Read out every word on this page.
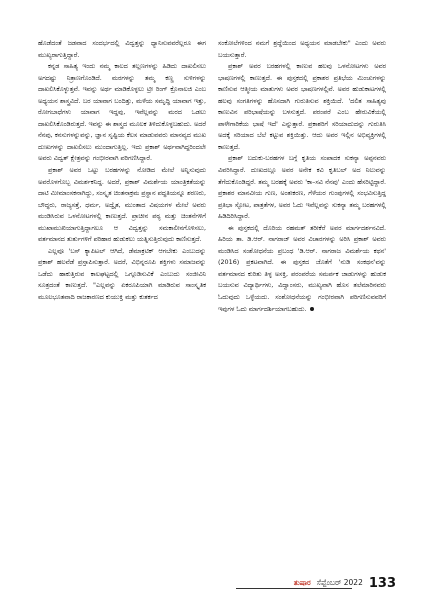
ಹೊಡೆದಂತೆ ಜಡವಾದ ಸಂದರ್ಭದಲ್ಲಿ ವಿದ್ವತ್ತನ್ನು ಧ್ಯಾನಿಸುವವರೆಲ್ಲರೂ ಈಗ ಮುಖ್ಯರಾಗುತ್ತಿದ್ದಾರೆ.

ಕನ್ನಡ ಸಾಹಿತ್ಯ ಇಂದು ನಮ್ಮ ಕಾಲದ ತಲ್ಲಣಗಳನ್ನು ಹಿಡಿದು ದಾಖಲಿಸಲು ಅಗದಷ್ಟು ನಿತ್ರಾಣಗೊಂಡಿದೆ. ಮರಗಳನ್ನು ತಮ್ಮ ಕಣ್ಣ ಸುಳಿಗಳನ್ನು ದಾಖಲಿಸಿಕೊಳ್ಳುತ್ತವೆ. ಇವನ್ನು ಅರ್ಥ ಮಾಡಿಕೊಳ್ಳಲು ಟ್ರೀ ರಿಂಗ್ ಕ್ರೊನಾಲಜಿ ಎಂಬ ಅಧ್ಯಯನ ಶಾಸ್ತ್ರವಿದೆ. ಬರ ಯಾವಾಗ ಬಂದಿತ್ತು, ಮಳೆಯ ಸಮೃದ್ಧಿ ಯಾವಾಗ ಇತ್ತು, ರೋಗಬಾಧೆಗಳು ಯಾವಾಗ ಇದ್ದವು, ಇವೆಲ್ಲವನ್ನು ಮರದ ಒಡಲು ದಾಖಲಿಸಿಕೊಂಡಿರುತ್ತದೆ. ಇವನ್ನು ಈ ಶಾಸ್ತ್ರದ ಮೂಲಕ ತಿಳಿದುಕೊಳ್ಳಬಹುದು. ಅದರೆ ನೆನಪು, ಕನಸುಗಳನ್ನುವನ್ನು, ಜ್ಞಾನ ಸೃಷ್ಟಿಯ ಕೆಲಸ ಮಾಡುವವರು ಮಾನವ್ಯದ ಮುಖ ದುಃಖಗಳನ್ನು ದಾಖಲಿಸಲು ಮುಂದಾಗುತ್ತಿಲ್ಲ. ಇದು ಪ್ರಕಾಶ್ ಅರ್ಥವಾಗಿದ್ದರಿಂದಲೇ ಅವರು ವಿದ್ವತ್ ಕ್ಷೇತ್ರವನ್ನು ಗಂಭೀರವಾಗಿ ಪರಿಗಣಿಸಿದ್ದಾರೆ.

ಪ್ರಕಾಶ್ ಅವರ ಒಟ್ಟು ಬರಹಗಳನ್ನು ನೋಡಿದ ಮೇಲೆ ಅನ್ನಿಸುವುದು ಅವರೊಳಗೊಬ್ಬ ವಿಮರ್ಶಕನಿದ್ದ. ಅದರೆ, ಪ್ರಕಾಶ್ ವಿಮರ್ಶೆಯ ಯಾಂತ್ರಿಕತೆಯನ್ನು ದಾಟಿ ಮೀಮಾಂಸಕನಾಗಿದ್ದು, ಸಂಸ್ಕೃತ ಚಿಂತನಾಕ್ರಮ ಪ್ರಸ್ಥಾನ ಪದ್ಧತಿಯನ್ನೂ ಶರಣರು, ಬೌದ್ಧರು, ರಾಜ್ಯಸತ್ತೆ, ಧರ್ಮ, ಅದ್ವೈತ, ಮುಂತಾದ ವಿಷಯಗಳ ಮೇಲೆ ಅವರು ಮಂಡಿಸಿರುವ ಒಳನೋಟಗಳಲ್ಲಿ ಕಾಣುತ್ತದೆ. ಪ್ರಾಚೀನ ಪಠ್ಯ ಮತ್ತು ಚಿಂತನೆಗಳಿಗೆ ಮುಖಾಮುಖಿಯಾಗುತ್ತಿದ್ದಾಗಲೂ ಆ ವಿದ್ವತ್ತನ್ನು ಸಮಕಾಲೀನಗೊಳಿಸಲು, ವರ್ತಮಾನದ ತುರ್ತುಗಳಿಗೆ ಪರಿಹಾರ ಹುಡುಕಲು ಯತ್ನಿಸುತ್ತಿರುವುದು ಕಾಣಿಸುತ್ತದೆ.

ಎಲ್ಲವೂ 'ಬಸ್ ಕ್ಯಾಪಿಟಲ್ ಆಗಿದೆ, ಡೆಮಾಕ್ರಟಿಕ್ ಆಗಬೇಕು ಎಂಬುದನ್ನು ಪ್ರಕಾಶ್ ಹಲವೆಡೆ ಪ್ರಸ್ತಾಪಿಸುತ್ತಾರೆ. ಅದರೆ, ವಿಭಿನ್ನರೂಪಿ ಶಕ್ತಿಗಳು ಸಮಾಜವನ್ನು ಒಡೆದು ಹಾಕುತ್ತಿರುವ ಕಾಲಘಟ್ಟದಲ್ಲಿ ಒಗ್ಗೂಡಿಸುವಿಕೆ ಎಂಬುದು ಸಂಜೀವಿನಿ ಸೂತ್ರದಂತೆ ಕಾಣುತ್ತದೆ. "ಎಲ್ಲವನ್ನು ಏಕರೂಪಿಯಾಗಿ ಮಾಡಿರುವ ಸಾಂಸ್ಕೃತಿಕ ಮೂಲಭೂತವಾದಿ ರಾಜಕಾರಣದ ಕುಯುಕ್ತಿ ಮತ್ತು ಕುತರ್ಕದ

ಸಂಕೋಲೆಗಳಿಂದ ನಮಗೆ ಶ್ರದ್ಧೆಯಿಂದ ಅಧ್ಯಯನ ಮಾಡಬೇಕು" ಎಂದು ಅವರು ಬಯಸುತ್ತಾರೆ.

ಪ್ರಕಾಶ್ ಅವರ ಬರಹಗಳಲ್ಲಿ ಕಾಣುವ ಹಲವು ಒಳನೋಟಗಳು ಅವರ ಭಾಷಣಗಳಲ್ಲಿ ಕಾಣುತ್ತದೆ. ಈ ಪುಸ್ತಕದಲ್ಲಿ ಪ್ರಕಾಶರ ಪ್ರತಿಭೆಯ ಮಿಂಚುಗಳನ್ನು ಕಾಣಿಸುವ ಆತ್ಮೀಯ ಮಾತುಗಳು ಅವರ ಭಾಷಣಗಳಲ್ಲಿವೆ. ಅವರ ಹುಡುಕಾಟಗಳಲ್ಲಿ ಹಲವು ಸಂಗತಿಗಳನ್ನು ಹೊಸದಾಗಿ ಗುರುತಿಸುವ ಶಕ್ತಿಯಿದೆ. 'ದಲಿತ ಸಾಹಿತ್ಯವು ಕಾಣುವಿನ ಪರಿಭಾಷೆಯನ್ನು ಬಳಸುತ್ತದೆ. ಪರಂಪರೆ ಎಂಬ ಹೇರುವಿಕೆಯಲ್ಲಿ ಪಾಳೇಗಾರಿಕೆಯ ಭಾಷೆ ಇದೆ' ಎನ್ನುತ್ತಾರೆ. ಪ್ರಕಾಶರಿಗೆ ಸರಿಯಾದುದನ್ನು ಗುರುತಿಸಿ ಅದಕ್ಕೆ ಸರಿಯಾದ ಬೆಲೆ ಕಟ್ಟುವ ಶಕ್ತಿಯಿತ್ತು. ಆದು ಅವರ ಇಲ್ಲಿನ ಅಭಿವ್ಯಕ್ತಿಗಳಲ್ಲಿ ಕಾಣುತ್ತದೆ.

ಪ್ರಕಾಶ್ ಬದುಕು-ಬರಹಗಳ ಬಗ್ಗೆ ಕೃತಿಯ ಸಂಪಾದಕ ಸುಕನ್ಯಾ ಅಪ್ಪನವರು ವಿವರಿಸಿದ್ದಾರೆ. ದುಃಖದಲ್ಲೂ ಅವರ ಅನೇಕ ಕವಿ ಕೃತಿಬಲ್ ಅದ ನಿಲುವನ್ನು ತೆಗೆದುಕೊಂಡಿದ್ದರೆ. ತಮ್ಮ ಬರಹಕ್ಕೆ ಅವರು 'ಕಾ–ಸವಿ ನೆನಪು' ಎಂದು ಹೆಸರಿಟ್ಟಿದ್ದಾರೆ. ಪ್ರಕಾಶರ ಮಾನವೀಯ ಗುಣ, ಅಂತಃಕರಣ, ಗೆಳೆಯರ ಗುಂಪುಗಳಲ್ಲಿ ಸಂಭವಿಸುತ್ತಿದ್ದ ಪ್ರತಿಭಾ ಸ್ಫೋಟ, ಪಾತ್ರತೆಗಳ, ಅವರ ಓದು ಇವೆಲ್ಲವನ್ನು ಸುಕನ್ಯಾ ತಮ್ಮ ಬರಹಗಳಲ್ಲಿ ಹಿಡಿದಿರಿಸಿದ್ದಾರೆ.

ಈ ಪುಸ್ತಕದಲ್ಲಿ ದೊರಿಯ ರಹಮತ್ ತರೀಕೆರೆ ಅವರ ಮಾರ್ಗದರ್ಶನವಿದೆ. ಹಿರಿಯ ತಾ. ಡಿ.ಆರ್. ನಾಗರಾಜ್ ಅವರ ವಿಚಾರಗಳನ್ನು ಅರಿಸಿ ಪ್ರಕಾಶ್ ಅವರು ಮಂಡಿಸಿದ ಸಂಶೋಧನೆಯ ಪ್ರಬಂಧ 'ಡಿ.ಆರ್. ನಾಗರಾಜ ವಿಮರ್ಶೆಯ ಕಥನ' (2016) ಪ್ರಕಟವಾಗಿದೆ. ಈ ಪುಸ್ತಕದ ಜೊತೆಗೆ 'ನುಡಿ ಸಂಕಥನ'ವನ್ನು ವರ್ತಮಾನದ ಕುರಿತು ತಿಳ್ಳ ಅಸಕ್ತಿ, ಪರಂಪರೆಯ ಸಮರ್ಪಕ ಜಾಡುಗಳನ್ನು ಹುಡುಕ ಬಯಸುವ ವಿದ್ಯಾರ್ಥಿಗಳು, ವಿದ್ವಾಂಸರು, ಮುಖ್ಯವಾಗಿ ಹೊಸ ತಲೆಮಾರಿನವರು ಓದುವುದು ಒಳ್ಳೆಯದು. ಸಂಶೋಧನೆಯನ್ನು ಗಂಭೀರವಾಗಿ ಪರಿಗಣಿಸುವವರಿಗೆ ಇವುಗಳ ಓದು ಮಾರ್ಗದರ್ಶಿಯಾಗಬಹುದು.

ತುಷಾರ ಸೆಪ್ಟೆಂಬರ್ 2022 133
